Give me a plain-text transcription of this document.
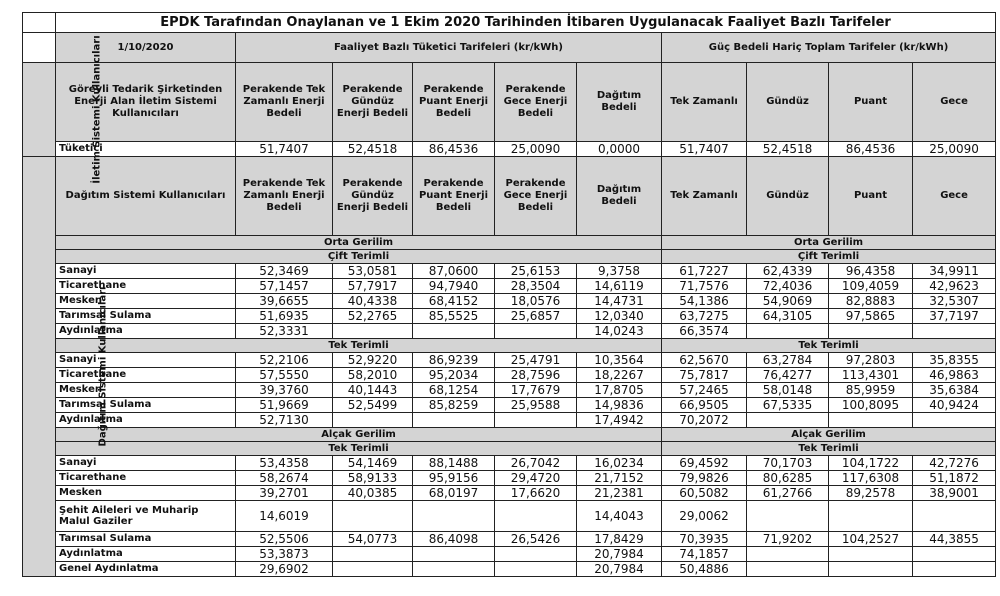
	EPDK Tarafından Onaylanan ve 1 Ekim 2020 Tarihinden İtibaren Uygulanacak Faaliyet Bazlı Tarifeler									
	1/10/2020	Faaliyet Bazlı Tüketici Tarifeleri (kr/kWh)					Güç Bedeli Hariç Toplam Tarifeler (kr/kWh)			
İletim Sistemi Kullanıcıları	Görevli Tedarik Şirketinden Enerji Alan İletim Sistemi Kullanıcıları	Perakende Tek Zamanlı Enerji Bedeli	Perakende Gündüz Enerji Bedeli	Perakende Puant Enerji Bedeli	Perakende Gece Enerji Bedeli	Dağıtım Bedeli	Tek Zamanlı	Gündüz	Puant	Gece
	Tüketici	51,7407	52,4518	86,4536	25,0090	0,0000	51,7407	52,4518	86,4536	25,0090
Dağıtım Sistemi Kullanıcıları	Dağıtım Sistemi Kullanıcıları	Perakende Tek Zamanlı Enerji Bedeli	Perakende Gündüz Enerji Bedeli	Perakende Puant Enerji Bedeli	Perakende Gece Enerji Bedeli	Dağıtım Bedeli	Tek Zamanlı	Gündüz	Puant	Gece
	Orta Gerilim						Orta Gerilim			
	Çift Terimli						Çift Terimli			
	Sanayi	52,3469	53,0581	87,0600	25,6153	9,3758	61,7227	62,4339	96,4358	34,9911
	Ticarethane	57,1457	57,7917	94,7940	28,3504	14,6119	71,7576	72,4036	109,4059	42,9623
	Mesken	39,6655	40,4338	68,4152	18,0576	14,4731	54,1386	54,9069	82,8883	32,5307
	Tarımsal Sulama	51,6935	52,2765	85,5525	25,6857	12,0340	63,7275	64,3105	97,5865	37,7197
	Aydınlatma	52,3331				14,0243	66,3574			
	Tek Terimli						Tek Terimli			
	Sanayi	52,2106	52,9220	86,9239	25,4791	10,3564	62,5670	63,2784	97,2803	35,8355
	Ticarethane	57,5550	58,2010	95,2034	28,7596	18,2267	75,7817	76,4277	113,4301	46,9863
	Mesken	39,3760	40,1443	68,1254	17,7679	17,8705	57,2465	58,0148	85,9959	35,6384
	Tarımsal Sulama	51,9669	52,5499	85,8259	25,9588	14,9836	66,9505	67,5335	100,8095	40,9424
	Aydınlatma	52,7130				17,4942	70,2072			
	Alçak Gerilim						Alçak Gerilim			
	Tek Terimli						Tek Terimli			
	Sanayi	53,4358	54,1469	88,1488	26,7042	16,0234	69,4592	70,1703	104,1722	42,7276
	Ticarethane	58,2674	58,9133	95,9156	29,4720	21,7152	79,9826	80,6285	117,6308	51,1872
	Mesken	39,2701	40,0385	68,0197	17,6620	21,2381	60,5082	61,2766	89,2578	38,9001
	Şehit Aileleri ve Muharip Malul Gaziler	14,6019				14,4043	29,0062			
	Tarımsal Sulama	52,5506	54,0773	86,4098	26,5426	17,8429	70,3935	71,9202	104,2527	44,3855
	Aydınlatma	53,3873				20,7984	74,1857			
	Genel Aydınlatma	29,6902				20,7984	50,4886			
